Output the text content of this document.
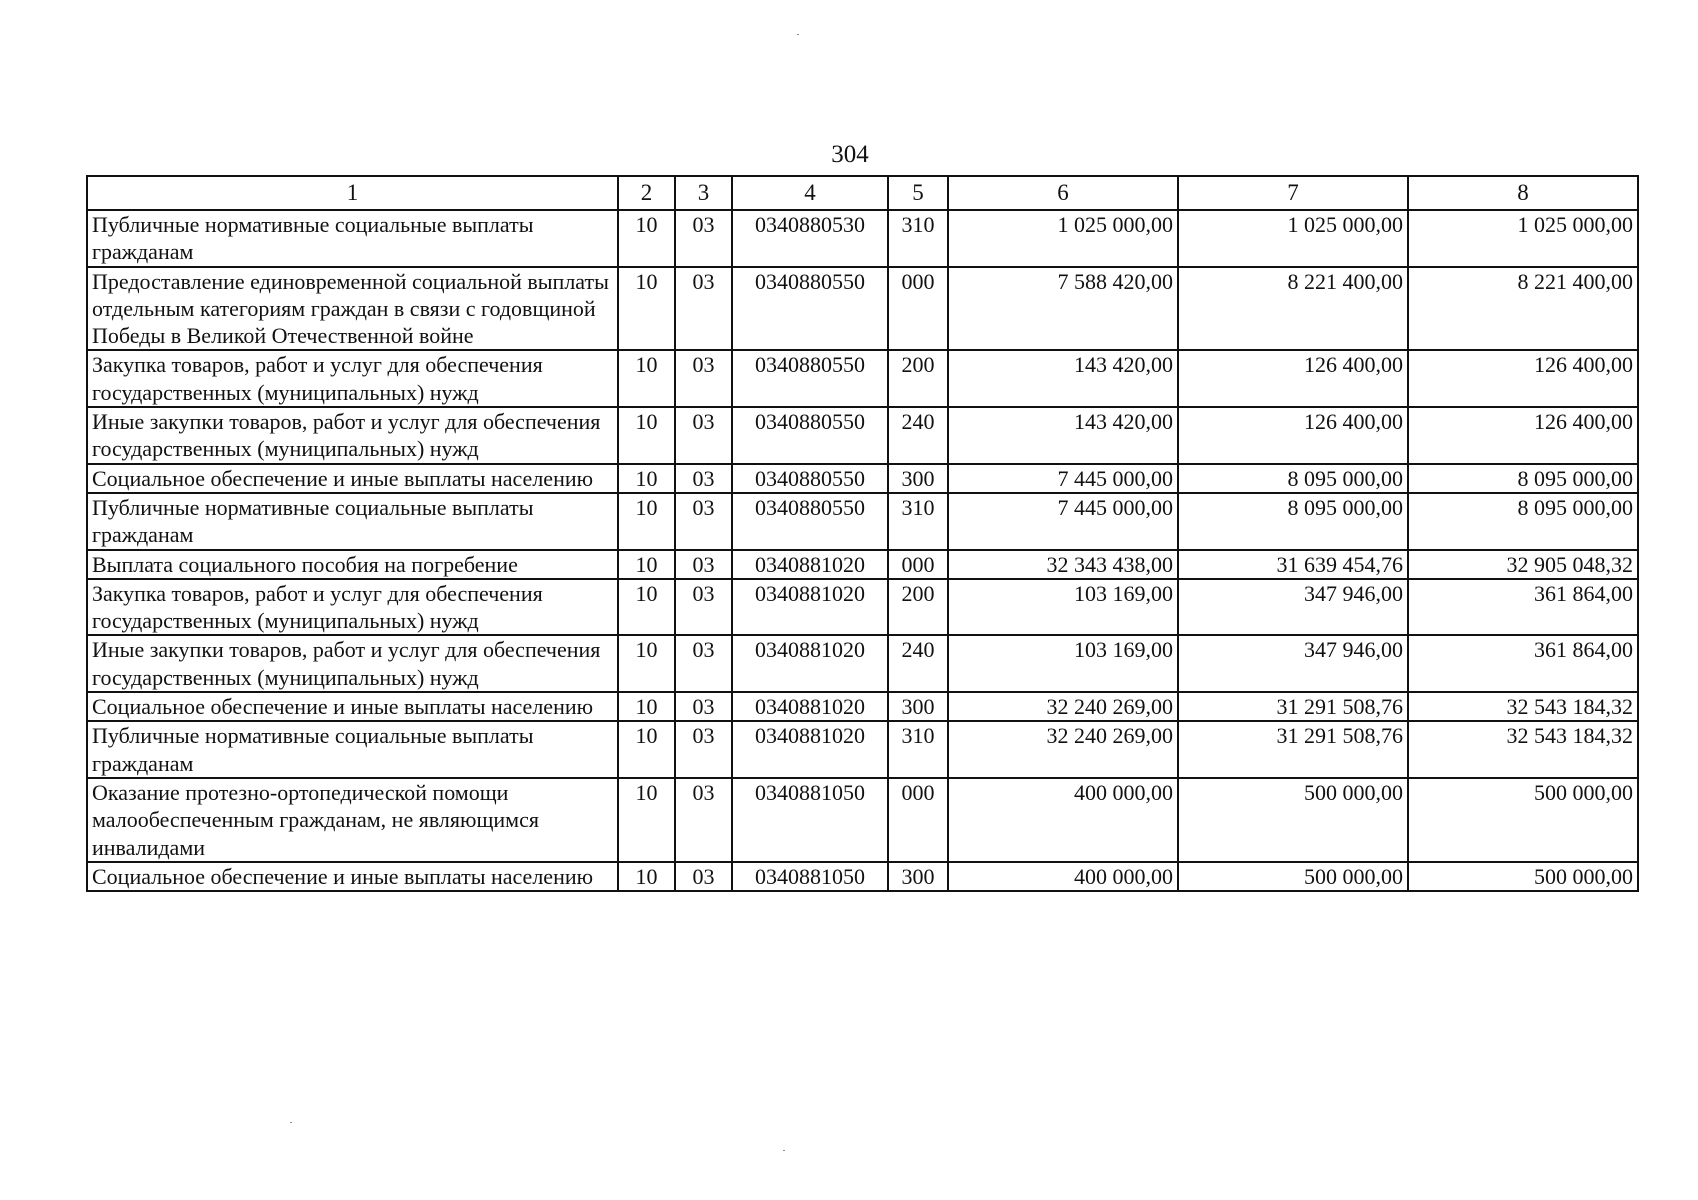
304
1	2	3	4	5	6	7	8
Публичные нормативные социальные выплаты гражданам	10	03	0340880530	310	1 025 000,00	1 025 000,00	1 025 000,00
Предоставление единовременной социальной выплаты отдельным категориям граждан в связи с годовщиной Победы в Великой Отечественной войне	10	03	0340880550	000	7 588 420,00	8 221 400,00	8 221 400,00
Закупка товаров, работ и услуг для обеспечения государственных (муниципальных) нужд	10	03	0340880550	200	143 420,00	126 400,00	126 400,00
Иные закупки товаров, работ и услуг для обеспечения государственных (муниципальных) нужд	10	03	0340880550	240	143 420,00	126 400,00	126 400,00
Социальное обеспечение и иные выплаты населению	10	03	0340880550	300	7 445 000,00	8 095 000,00	8 095 000,00
Публичные нормативные социальные выплаты гражданам	10	03	0340880550	310	7 445 000,00	8 095 000,00	8 095 000,00
Выплата социального пособия на погребение	10	03	0340881020	000	32 343 438,00	31 639 454,76	32 905 048,32
Закупка товаров, работ и услуг для обеспечения государственных (муниципальных) нужд	10	03	0340881020	200	103 169,00	347 946,00	361 864,00
Иные закупки товаров, работ и услуг для обеспечения государственных (муниципальных) нужд	10	03	0340881020	240	103 169,00	347 946,00	361 864,00
Социальное обеспечение и иные выплаты населению	10	03	0340881020	300	32 240 269,00	31 291 508,76	32 543 184,32
Публичные нормативные социальные выплаты гражданам	10	03	0340881020	310	32 240 269,00	31 291 508,76	32 543 184,32
Оказание протезно-ортопедической помощи малообеспеченным гражданам, не являющимся инвалидами	10	03	0340881050	000	400 000,00	500 000,00	500 000,00
Социальное обеспечение и иные выплаты населению	10	03	0340881050	300	400 000,00	500 000,00	500 000,00
